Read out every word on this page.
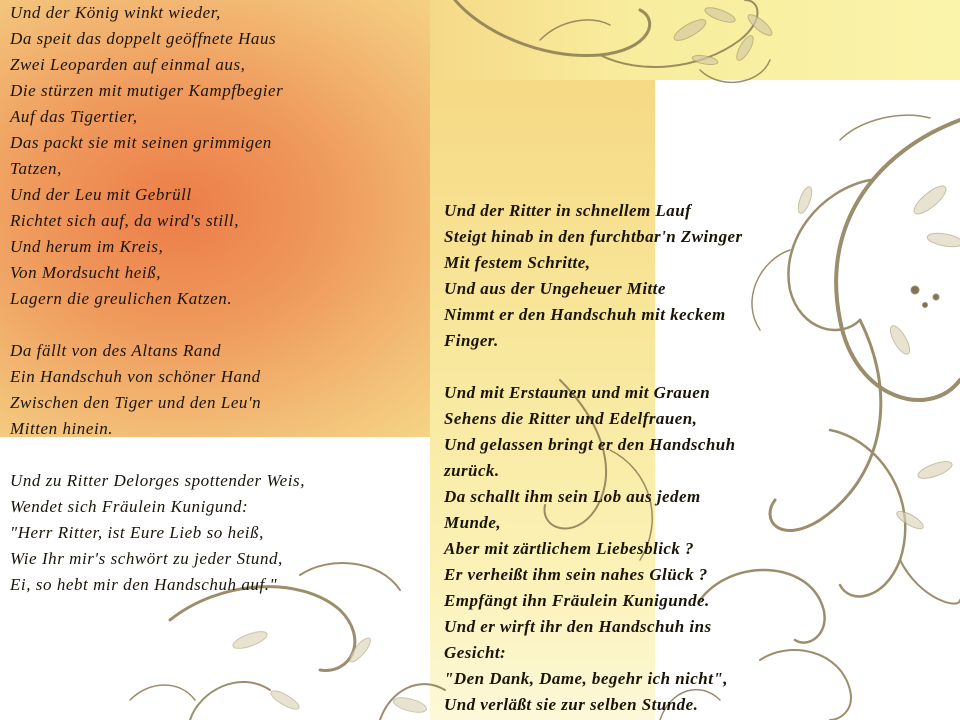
Und der König winkt wieder,
Da speit das doppelt geöffnete Haus
Zwei Leoparden auf einmal aus,
Die stürzen mit mutiger Kampfbegier
Auf das Tigertier,
Das packt sie mit seinen grimmigen
Tatzen,
Und der Leu mit Gebrüll
Richtet sich auf, da wird's still,
Und herum im Kreis,
Von Mordsucht heiß,
Lagern die greulichen Katzen.
Da fällt von des Altans Rand
Ein Handschuh von schöner Hand
Zwischen den Tiger und den Leu'n
Mitten hinein.
Und zu Ritter Delorges spottender Weis,
Wendet sich Fräulein Kunigund:
"Herr Ritter, ist Eure Lieb so heiß,
Wie Ihr mir's schwört zu jeder Stund,
Ei, so hebt mir den Handschuh auf."
Und der Ritter in schnellem Lauf
Steigt hinab in den furchtbar'n Zwinger
Mit festem Schritte,
Und aus der Ungeheuer Mitte
Nimmt er den Handschuh mit keckem
Finger.
Und mit Erstaunen und mit Grauen
Sehens die Ritter und Edelfrauen,
Und gelassen bringt er den Handschuh
zurück.
Da schallt ihm sein Lob aus jedem
Munde,
Aber mit zärtlichem Liebesblick ?
Er verheißt ihm sein nahes Glück ?
Empfängt ihn Fräulein Kunigunde.
Und er wirft ihr den Handschuh ins
Gesicht:
"Den Dank, Dame, begehr ich nicht",
Und verläßt sie zur selben Stunde.
